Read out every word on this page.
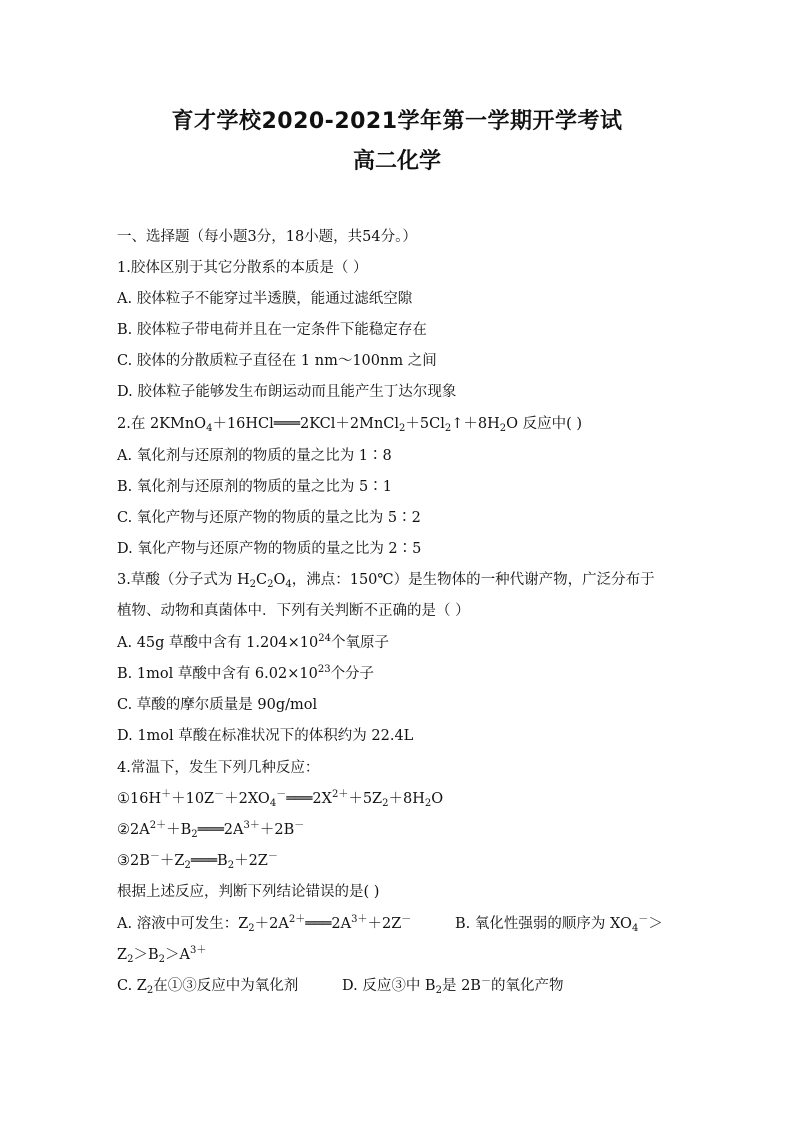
育才学校2020-2021学年第一学期开学考试
高二化学
一、选择题（每小题3分，18小题，共54分。）
1.胶体区别于其它分散系的本质是（ ）
A. 胶体粒子不能穿过半透膜，能通过滤纸空隙
B. 胶体粒子带电荷并且在一定条件下能稳定存在
C. 胶体的分散质粒子直径在 1 nm～100nm 之间
D. 胶体粒子能够发生布朗运动而且能产生丁达尔现象
2.在 $2KMnO_4+16HCl═══2KCl+2MnCl_2+5Cl_2↑+8H_2O$ 反应中( )
A. 氧化剂与还原剂的物质的量之比为 1∶8
B. 氧化剂与还原剂的物质的量之比为 5∶1
C. 氧化产物与还原产物的物质的量之比为 5∶2
D. 氧化产物与还原产物的物质的量之比为 2∶5
3.草酸（分子式为 $H_2C_2O_4$，沸点：150℃）是生物体的一种代谢产物，广泛分布于
植物、动物和真菌体中．下列有关判断不正确的是（ ）
A. 45g 草酸中含有 $1.204\times 10^{24}$个氧原子
B. 1mol 草酸中含有 $6.02\times 10^{23}$个分子
C. 草酸的摩尔质量是 90g/mol
D. 1mol 草酸在标准状况下的体积约为 22.4L
4.常温下，发生下列几种反应：
$①16H^++10Z^-+2XO_4^-═══2X^{2+}+5Z_2+8H_2O$
$②2A^{2+}+B_2═══2A^{3+}+2B^-$
$③2B^-+Z_2═══B_2+2Z^-$
根据上述反应，判断下列结论错误的是( )
A. 溶液中可发生：$Z_2+2A^{2+}═══2A^{3+}+2Z^-$	B. 氧化性强弱的顺序为 $XO_4^->$
$Z_2>B_2>A^{3+}$
C. $Z_2$在①③反应中为氧化剂	D. 反应③中 $B_2$是 2B－的氧化产物
